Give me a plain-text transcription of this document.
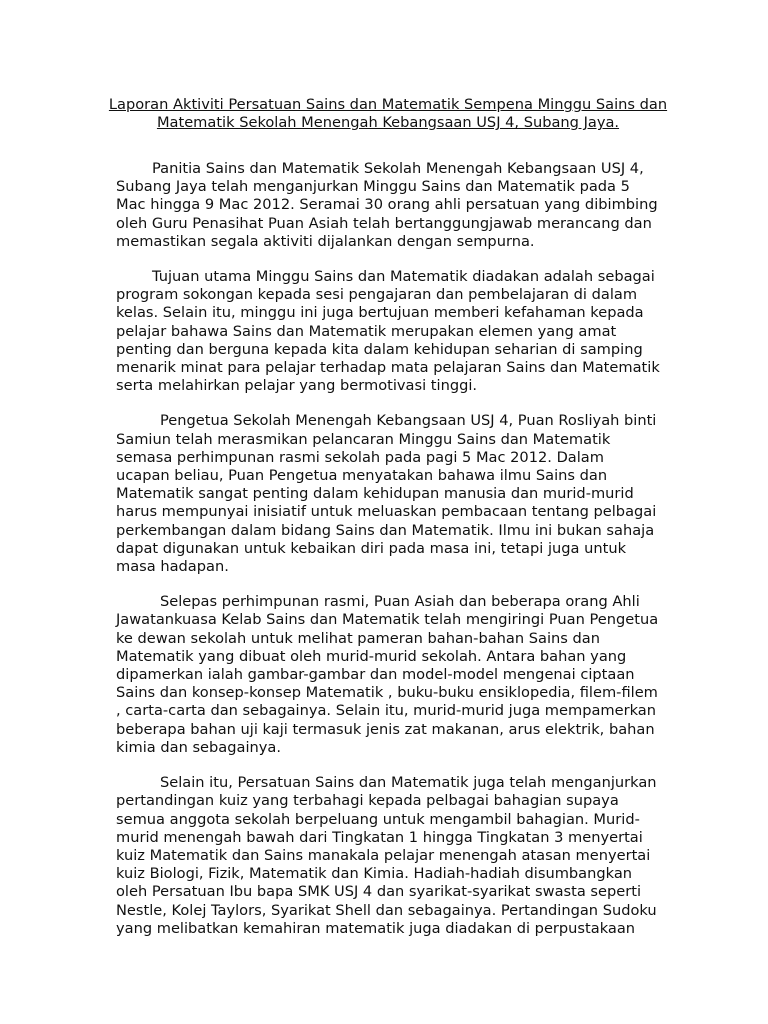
Laporan Aktiviti Persatuan Sains dan Matematik Sempena Minggu Sains dan Matematik Sekolah Menengah Kebangsaan USJ 4, Subang Jaya.

Panitia Sains dan Matematik Sekolah Menengah Kebangsaan USJ 4, Subang Jaya telah menganjurkan Minggu Sains dan Matematik pada 5 Mac hingga 9 Mac 2012. Seramai 30 orang ahli persatuan yang dibimbing oleh Guru Penasihat Puan Asiah telah bertanggungjawab merancang dan memastikan segala aktiviti dijalankan dengan sempurna.

Tujuan utama Minggu Sains dan Matematik diadakan adalah sebagai program sokongan kepada sesi pengajaran dan pembelajaran di dalam kelas. Selain itu, minggu ini juga bertujuan memberi kefahaman kepada pelajar bahawa Sains dan Matematik merupakan elemen yang amat penting dan berguna kepada kita dalam kehidupan seharian di samping menarik minat para pelajar terhadap mata pelajaran Sains dan Matematik serta melahirkan pelajar yang bermotivasi tinggi.

Pengetua Sekolah Menengah Kebangsaan USJ 4, Puan Rosliyah binti Samiun telah merasmikan pelancaran Minggu Sains dan Matematik semasa perhimpunan rasmi sekolah pada pagi 5 Mac 2012. Dalam ucapan beliau, Puan Pengetua menyatakan bahawa ilmu Sains dan Matematik sangat penting dalam kehidupan manusia dan murid-murid harus mempunyai inisiatif untuk meluaskan pembacaan tentang pelbagai perkembangan dalam bidang Sains dan Matematik. Ilmu ini bukan sahaja dapat digunakan untuk kebaikan diri pada masa ini, tetapi juga untuk masa hadapan.

Selepas perhimpunan rasmi, Puan Asiah dan beberapa orang Ahli Jawatankuasa Kelab Sains dan Matematik telah mengiringi Puan Pengetua ke dewan sekolah untuk melihat pameran bahan-bahan Sains dan Matematik yang dibuat oleh murid-murid sekolah. Antara bahan yang dipamerkan ialah gambar-gambar dan model-model mengenai ciptaan Sains dan konsep-konsep Matematik , buku-buku ensiklopedia, filem-filem , carta-carta dan sebagainya. Selain itu, murid-murid juga mempamerkan beberapa bahan uji kaji termasuk jenis zat makanan, arus elektrik, bahan kimia dan sebagainya.

Selain itu, Persatuan Sains dan Matematik juga telah menganjurkan pertandingan kuiz yang terbahagi kepada pelbagai bahagian supaya semua anggota sekolah berpeluang untuk mengambil bahagian. Murid-murid menengah bawah dari Tingkatan 1 hingga Tingkatan 3 menyertai kuiz Matematik dan Sains manakala pelajar menengah atasan menyertai kuiz Biologi, Fizik, Matematik dan Kimia. Hadiah-hadiah disumbangkan oleh Persatuan Ibu bapa SMK USJ 4 dan syarikat-syarikat swasta seperti Nestle, Kolej Taylors, Syarikat Shell dan sebagainya. Pertandingan Sudoku yang melibatkan kemahiran matematik juga diadakan di perpustakaan
